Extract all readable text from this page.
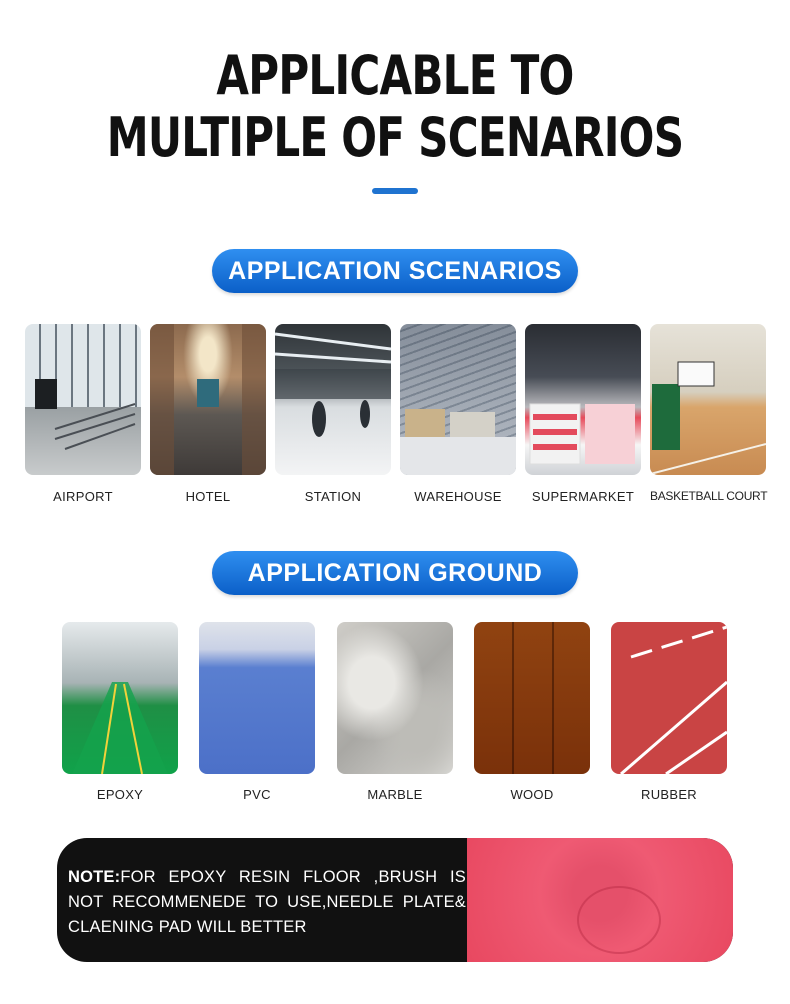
APPLICABLE TO
MULTIPLE OF SCENARIOS
APPLICATION SCENARIOS
AIRPORT	HOTEL	STATION	WAREHOUSE	SUPERMARKET	BASKETBALL COURT
APPLICATION GROUND
EPOXY	PVC	MARBLE	WOOD	RUBBER
NOTE:FOR EPOXY RESIN FLOOR ,BRUSH IS NOT RECOMMENEDE TO USE,NEEDLE PLATE& CLAENING PAD WILL BETTER
